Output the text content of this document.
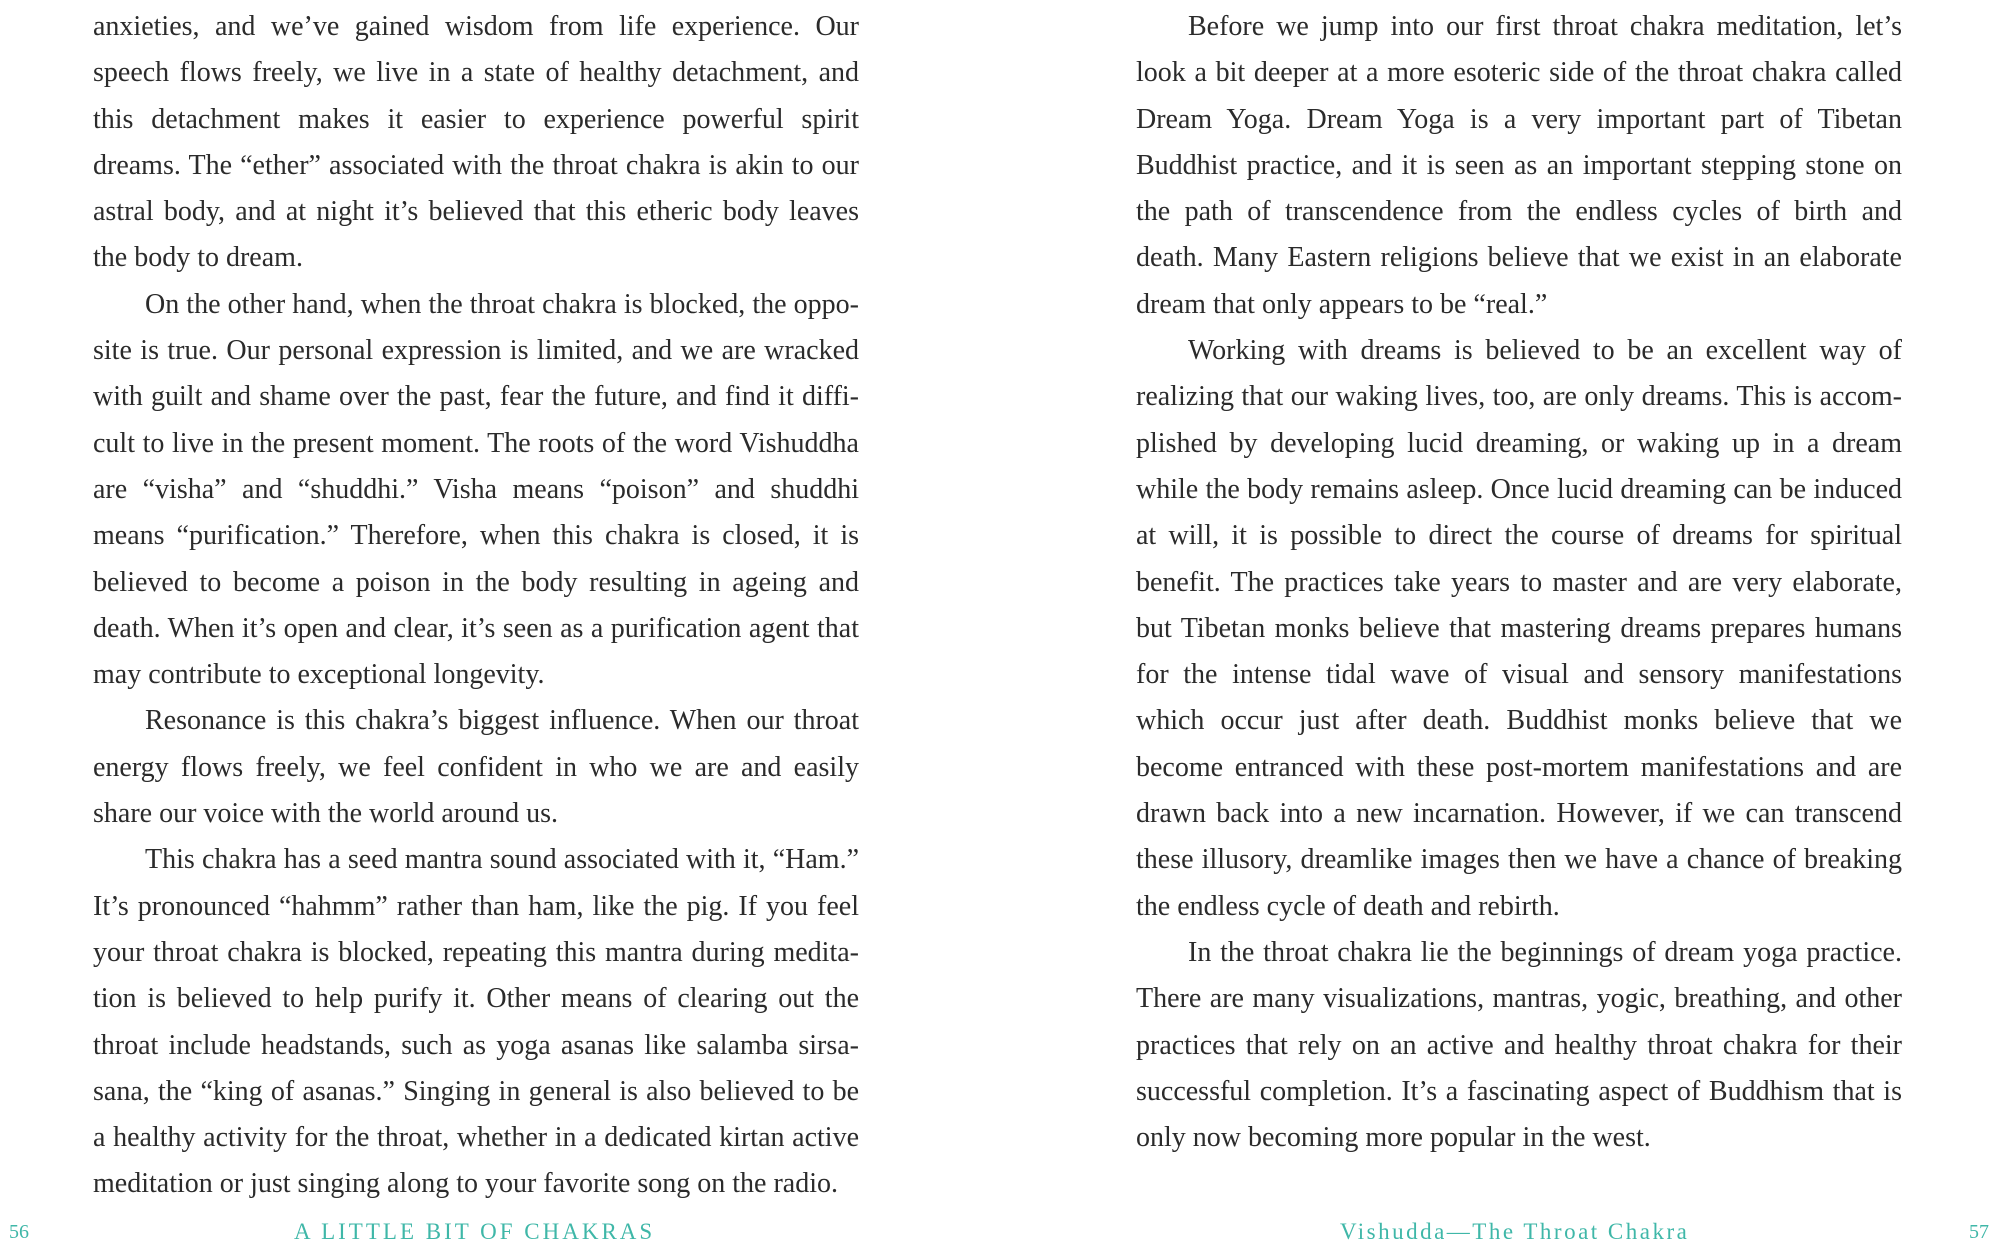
anxieties, and we’ve gained wisdom from life experience. Our speech flows freely, we live in a state of healthy detachment, and this detachment makes it easier to experience powerful spirit dreams. The “ether” associated with the throat chakra is akin to our astral body, and at night it’s believed that this etheric body leaves the body to dream.

On the other hand, when the throat chakra is blocked, the opposite is true. Our personal expression is limited, and we are wracked with guilt and shame over the past, fear the future, and find it difficult to live in the present moment. The roots of the word Vishuddha are “visha” and “shuddhi.” Visha means “poison” and shuddhi means “purification.” Therefore, when this chakra is closed, it is believed to become a poison in the body resulting in ageing and death. When it’s open and clear, it’s seen as a purification agent that may contribute to exceptional longevity.

Resonance is this chakra’s biggest influence. When our throat energy flows freely, we feel confident in who we are and easily share our voice with the world around us.

This chakra has a seed mantra sound associated with it, “Ham.” It’s pronounced “hahmm” rather than ham, like the pig. If you feel your throat chakra is blocked, repeating this mantra during meditation is believed to help purify it. Other means of clearing out the throat include headstands, such as yoga asanas like salamba sirsasana, the “king of asanas.” Singing in general is also believed to be a healthy activity for the throat, whether in a dedicated kirtan active meditation or just singing along to your favorite song on the radio.

56	A LITTLE BIT OF CHAKRAS

Before we jump into our first throat chakra meditation, let’s look a bit deeper at a more esoteric side of the throat chakra called Dream Yoga. Dream Yoga is a very important part of Tibetan Buddhist practice, and it is seen as an important stepping stone on the path of transcendence from the endless cycles of birth and death. Many Eastern religions believe that we exist in an elaborate dream that only appears to be “real.”

Working with dreams is believed to be an excellent way of realizing that our waking lives, too, are only dreams. This is accomplished by developing lucid dreaming, or waking up in a dream while the body remains asleep. Once lucid dreaming can be induced at will, it is possible to direct the course of dreams for spiritual benefit. The practices take years to master and are very elaborate, but Tibetan monks believe that mastering dreams prepares humans for the intense tidal wave of visual and sensory manifestations which occur just after death. Buddhist monks believe that we become entranced with these post-mortem manifestations and are drawn back into a new incarnation. However, if we can transcend these illusory, dreamlike images then we have a chance of breaking the endless cycle of death and rebirth.

In the throat chakra lie the beginnings of dream yoga practice. There are many visualizations, mantras, yogic, breathing, and other practices that rely on an active and healthy throat chakra for their successful completion. It’s a fascinating aspect of Buddhism that is only now becoming more popular in the west.

Vishudda—The Throat Chakra	57
